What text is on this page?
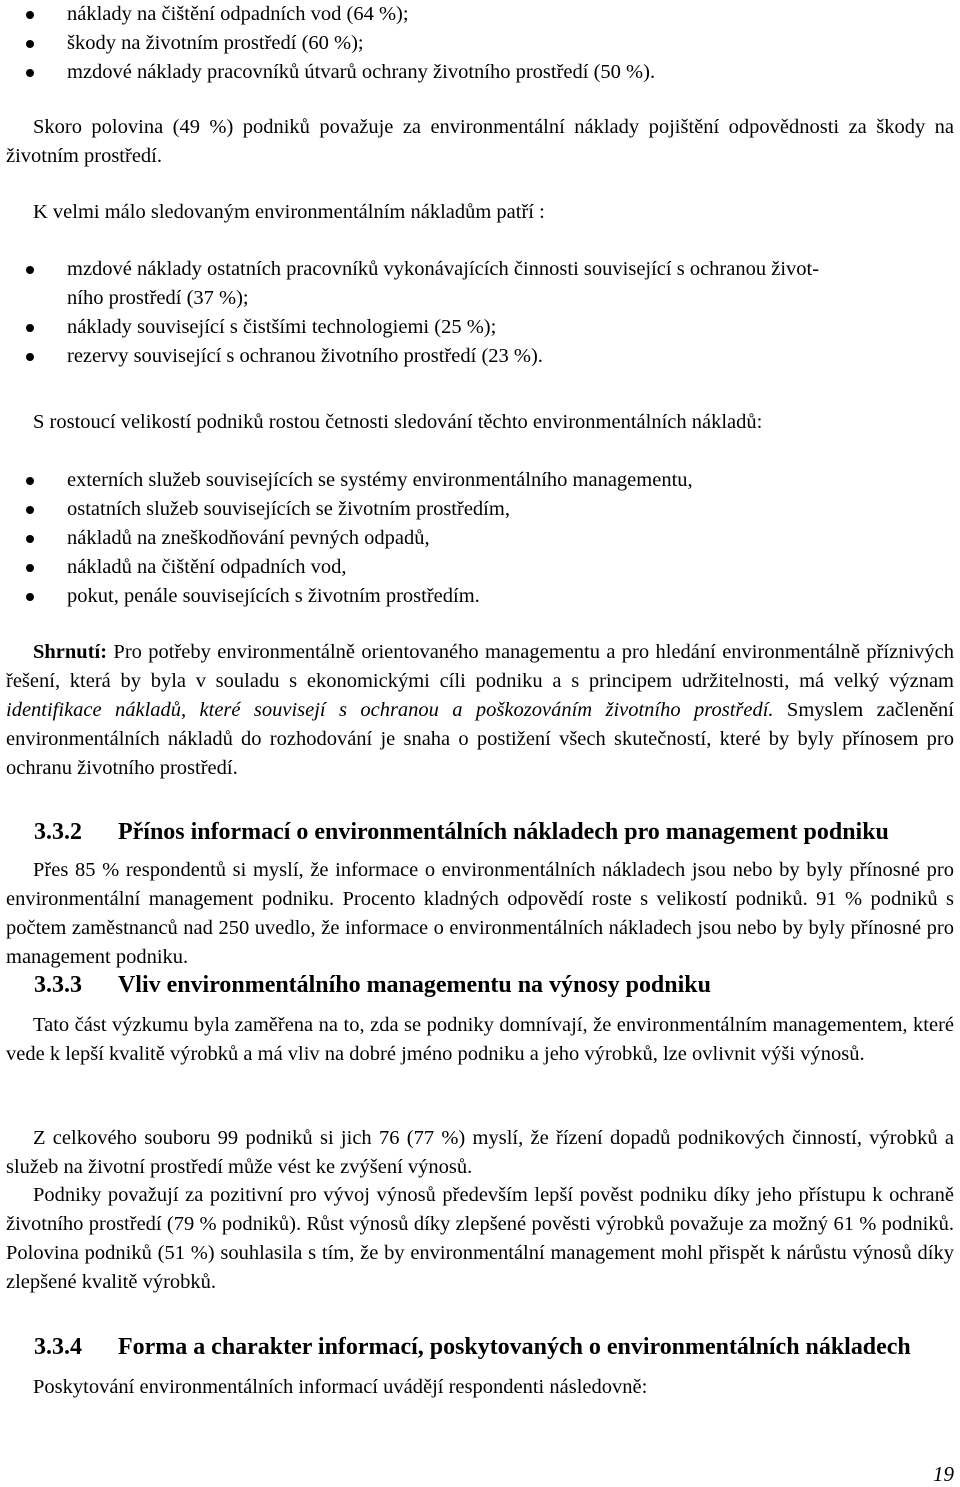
náklady na čištění odpadních vod (64 %);
škody na životním prostředí (60 %);
mzdové náklady pracovníků útvarů ochrany životního prostředí (50 %).

Skoro polovina (49 %) podniků považuje za environmentální náklady pojištění odpovědnosti za škody na životním prostředí.

K velmi málo sledovaným environmentálním nákladům patří :

mzdové náklady ostatních pracovníků vykonávajících činnosti související s ochranou život-
ního prostředí (37 %);
náklady související s čistšími technologiemi (25 %);
rezervy související s ochranou životního prostředí (23 %).

S rostoucí velikostí podniků rostou četnosti sledování těchto environmentálních nákladů:

externích služeb souvisejících se systémy environmentálního managementu,
ostatních služeb souvisejících se životním prostředím,
nákladů na zneškodňování pevných odpadů,
nákladů na čištění odpadních vod,
pokut, penále souvisejících s životním prostředím.

Shrnutí: Pro potřeby environmentálně orientovaného managementu a pro hledání environmentálně příznivých řešení, která by byla v souladu s ekonomickými cíli podniku a s principem udržitelnosti, má velký význam identifikace nákladů, které souvisejí s ochranou a poškozováním životního prostředí. Smyslem začlenění environmentálních nákladů do rozhodování je snaha o postižení všech skutečností, které by byly přínosem pro ochranu životního prostředí.

3.3.2 Přínos informací o environmentálních nákladech pro management podniku

Přes 85 % respondentů si myslí, že informace o environmentálních nákladech jsou nebo by byly přínosné pro environmentální management podniku. Procento kladných odpovědí roste s velikostí podniků. 91 % podniků s počtem zaměstnanců nad 250 uvedlo, že informace o environmentálních nákladech jsou nebo by byly přínosné pro management podniku.

3.3.3 Vliv environmentálního managementu na výnosy podniku

Tato část výzkumu byla zaměřena na to, zda se podniky domnívají, že environmentálním managementem, které vede k lepší kvalitě výrobků a má vliv na dobré jméno podniku a jeho výrobků, lze ovlivnit výši výnosů.

Z celkového souboru 99 podniků si jich 76 (77 %) myslí, že řízení dopadů podnikových činností, výrobků a služeb na životní prostředí může vést ke zvýšení výnosů.

Podniky považují za pozitivní pro vývoj výnosů především lepší pověst podniku díky jeho přístupu k ochraně životního prostředí (79 % podniků). Růst výnosů díky zlepšené pověsti výrobků považuje za možný 61 % podniků. Polovina podniků (51 %) souhlasila s tím, že by environmentální management mohl přispět k nárůstu výnosů díky zlepšené kvalitě výrobků.

3.3.4 Forma a charakter informací, poskytovaných o environmentálních nákladech

Poskytování environmentálních informací uvádějí respondenti následovně:

19
